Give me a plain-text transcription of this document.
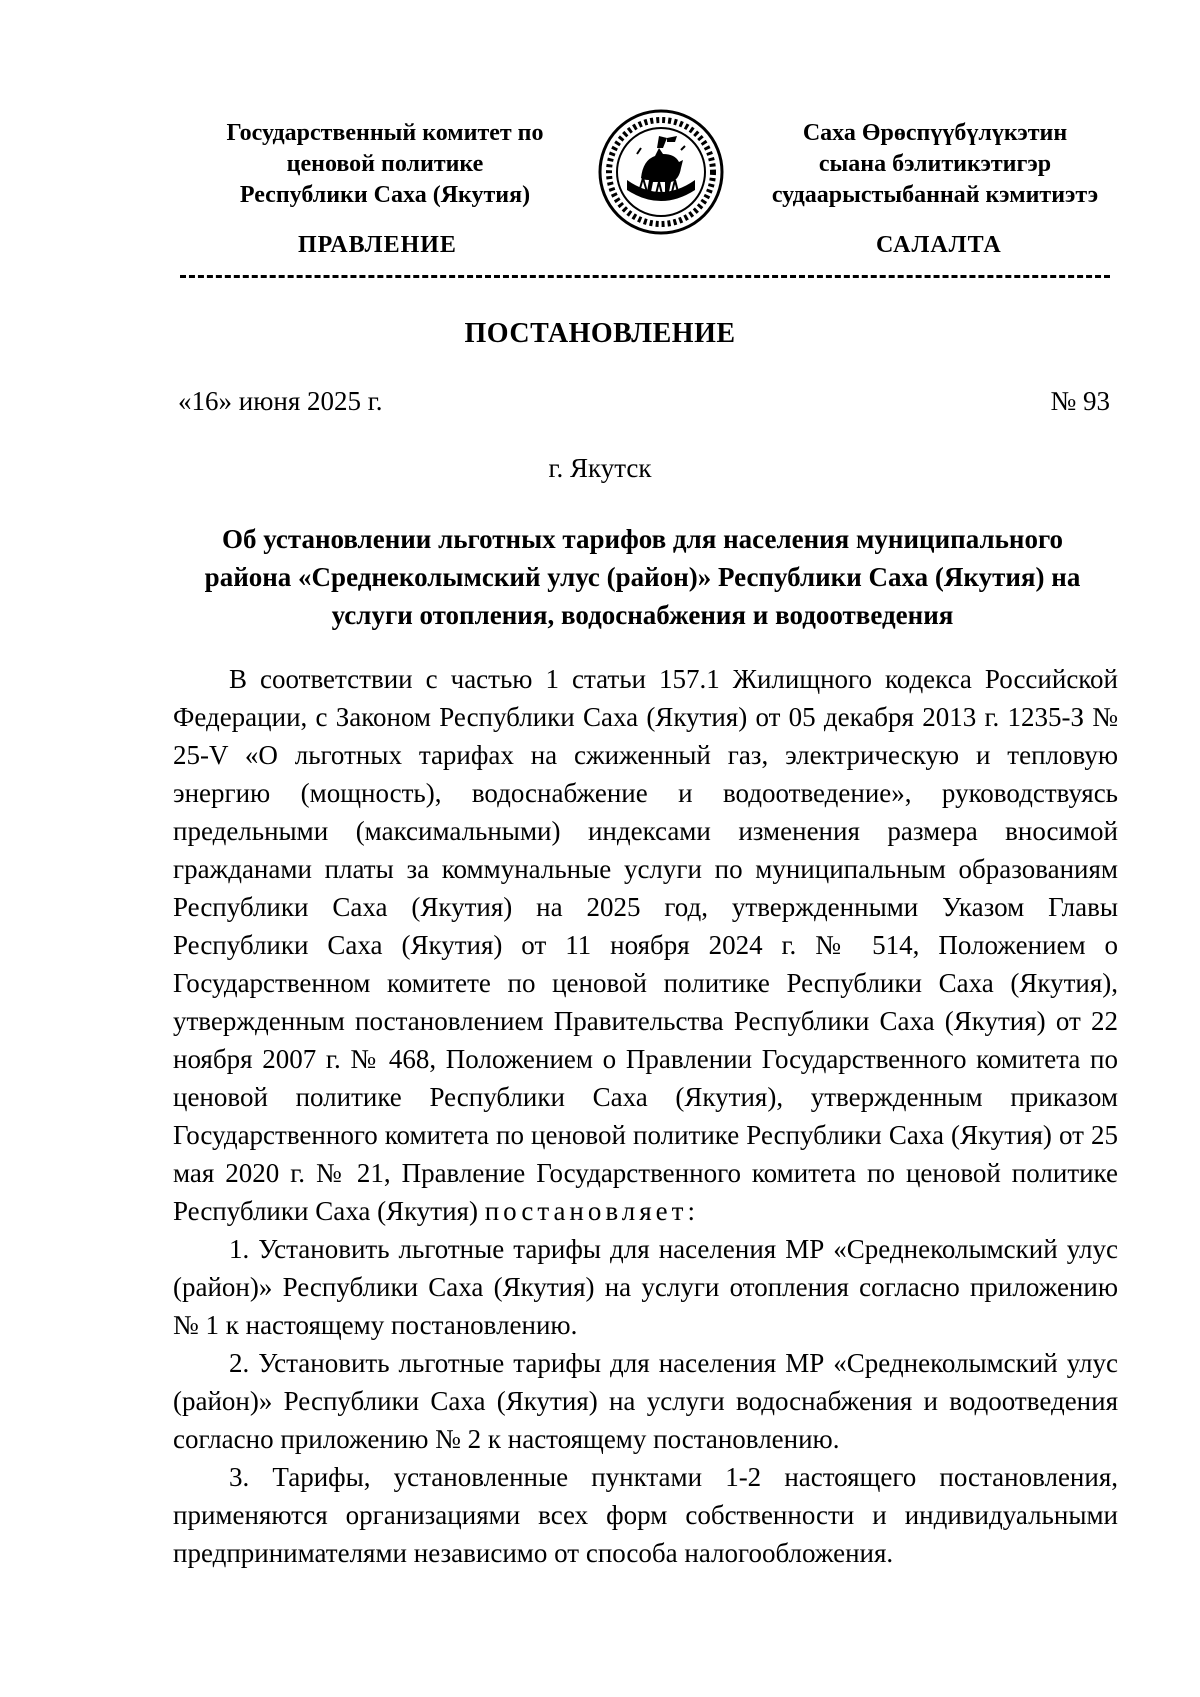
Государственный комитет по
ценовой политике
Республики Саха (Якутия)
Саха Өрөспүүбүлүкэтин
сыана бэлитикэтигэр
судаарыстыбаннай кэмитиэтэ
ПРАВЛЕНИЕ	САЛАЛТА
ПОСТАНОВЛЕНИЕ
«16» июня 2025 г.	№ 93
г. Якутск
Об установлении льготных тарифов для населения муниципального
района «Среднеколымский улус (район)» Республики Саха (Якутия) на
услуги отопления, водоснабжения и водоотведения

В соответствии с частью 1 статьи 157.1 Жилищного кодекса Российской Федерации, с Законом Республики Саха (Якутия) от 05 декабря 2013 г. 1235-З № 25-V «О льготных тарифах на сжиженный газ, электрическую и тепловую энергию (мощность), водоснабжение и водоотведение», руководствуясь предельными (максимальными) индексами изменения размера вносимой гражданами платы за коммунальные услуги по муниципальным образованиям Республики Саха (Якутия) на 2025 год, утвержденными Указом Главы Республики Саха (Якутия) от 11 ноября 2024 г. № 514, Положением о Государственном комитете по ценовой политике Республики Саха (Якутия), утвержденным постановлением Правительства Республики Саха (Якутия) от 22 ноября 2007 г. № 468, Положением о Правлении Государственного комитета по ценовой политике Республики Саха (Якутия), утвержденным приказом Государственного комитета по ценовой политике Республики Саха (Якутия) от 25 мая 2020 г. № 21, Правление Государственного комитета по ценовой политике Республики Саха (Якутия) постановляет:

1. Установить льготные тарифы для населения МР «Среднеколымский улус (район)» Республики Саха (Якутия) на услуги отопления согласно приложению № 1 к настоящему постановлению.

2. Установить льготные тарифы для населения МР «Среднеколымский улус (район)» Республики Саха (Якутия) на услуги водоснабжения и водоотведения согласно приложению № 2 к настоящему постановлению.

3. Тарифы, установленные пунктами 1-2 настоящего постановления, применяются организациями всех форм собственности и индивидуальными предпринимателями независимо от способа налогообложения.
